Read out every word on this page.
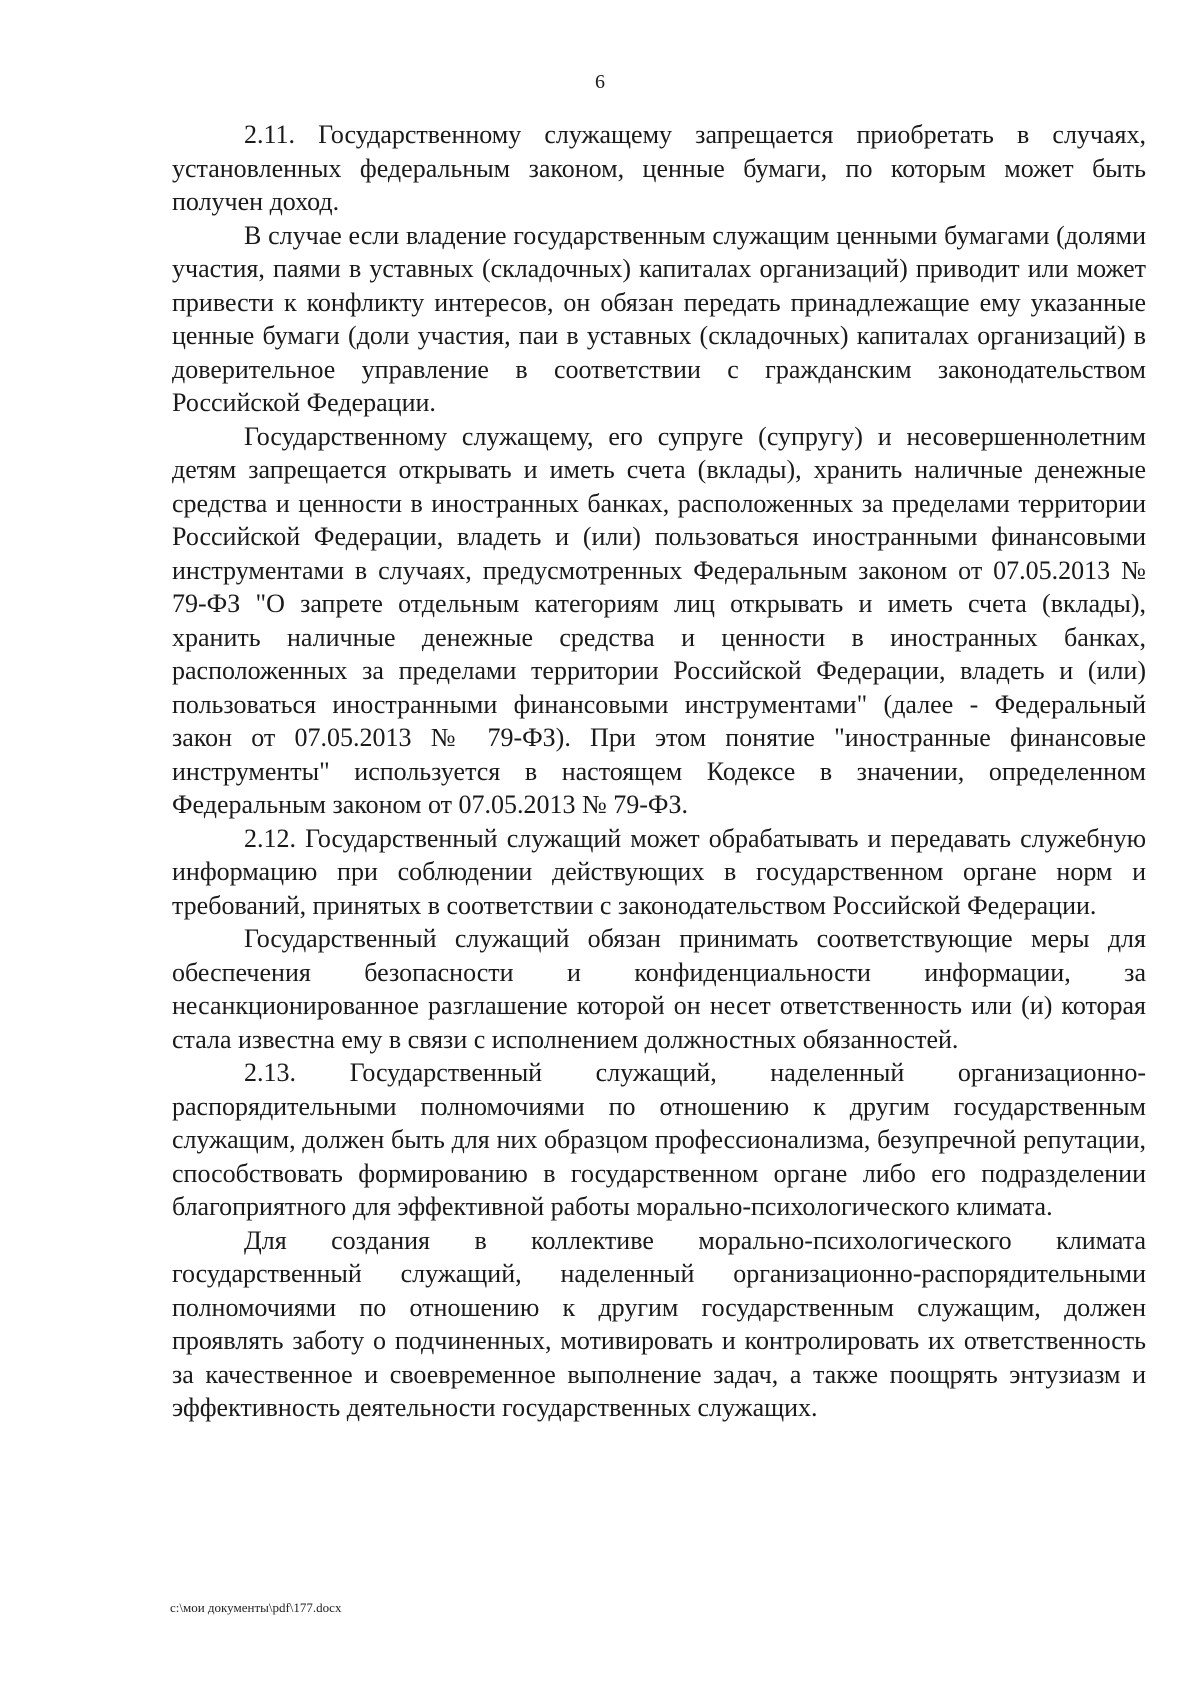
6

2.11. Государственному служащему запрещается приобретать в случаях, установленных федеральным законом, ценные бумаги, по которым может быть получен доход.

В случае если владение государственным служащим ценными бумагами (долями участия, паями в уставных (складочных) капиталах организаций) приводит или может привести к конфликту интересов, он обязан передать принадлежащие ему указанные ценные бумаги (доли участия, паи в уставных (складочных) капиталах организаций) в доверительное управление в соответствии с гражданским законодательством Российской Федерации.

Государственному служащему, его супруге (супругу) и несовершеннолетним детям запрещается открывать и иметь счета (вклады), хранить наличные денежные средства и ценности в иностранных банках, расположенных за пределами территории Российской Федерации, владеть и (или) пользоваться иностранными финансовыми инструментами в случаях, предусмотренных Федеральным законом от 07.05.2013 № 79-ФЗ "О запрете отдельным категориям лиц открывать и иметь счета (вклады), хранить наличные денежные средства и ценности в иностранных банках, расположенных за пределами территории Российской Федерации, владеть и (или) пользоваться иностранными финансовыми инструментами" (далее - Федеральный закон от 07.05.2013 № 79-ФЗ). При этом понятие "иностранные финансовые инструменты" используется в настоящем Кодексе в значении, определенном Федеральным законом от 07.05.2013 № 79-ФЗ.

2.12. Государственный служащий может обрабатывать и передавать служебную информацию при соблюдении действующих в государственном органе норм и требований, принятых в соответствии с законодательством Российской Федерации.

Государственный служащий обязан принимать соответствующие меры для обеспечения безопасности и конфиденциальности информации, за несанкционированное разглашение которой он несет ответственность или (и) которая стала известна ему в связи с исполнением должностных обязанностей.

2.13. Государственный служащий, наделенный организационно-распорядительными полномочиями по отношению к другим государственным служащим, должен быть для них образцом профессионализма, безупречной репутации, способствовать формированию в государственном органе либо его подразделении благоприятного для эффективной работы морально-психологического климата.

Для создания в коллективе морально-психологического климата государственный служащий, наделенный организационно-распорядительными полномочиями по отношению к другим государственным служащим, должен проявлять заботу о подчиненных, мотивировать и контролировать их ответственность за качественное и своевременное выполнение задач, а также поощрять энтузиазм и эффективность деятельности государственных служащих.

c:\мои документы\pdf\177.docx
